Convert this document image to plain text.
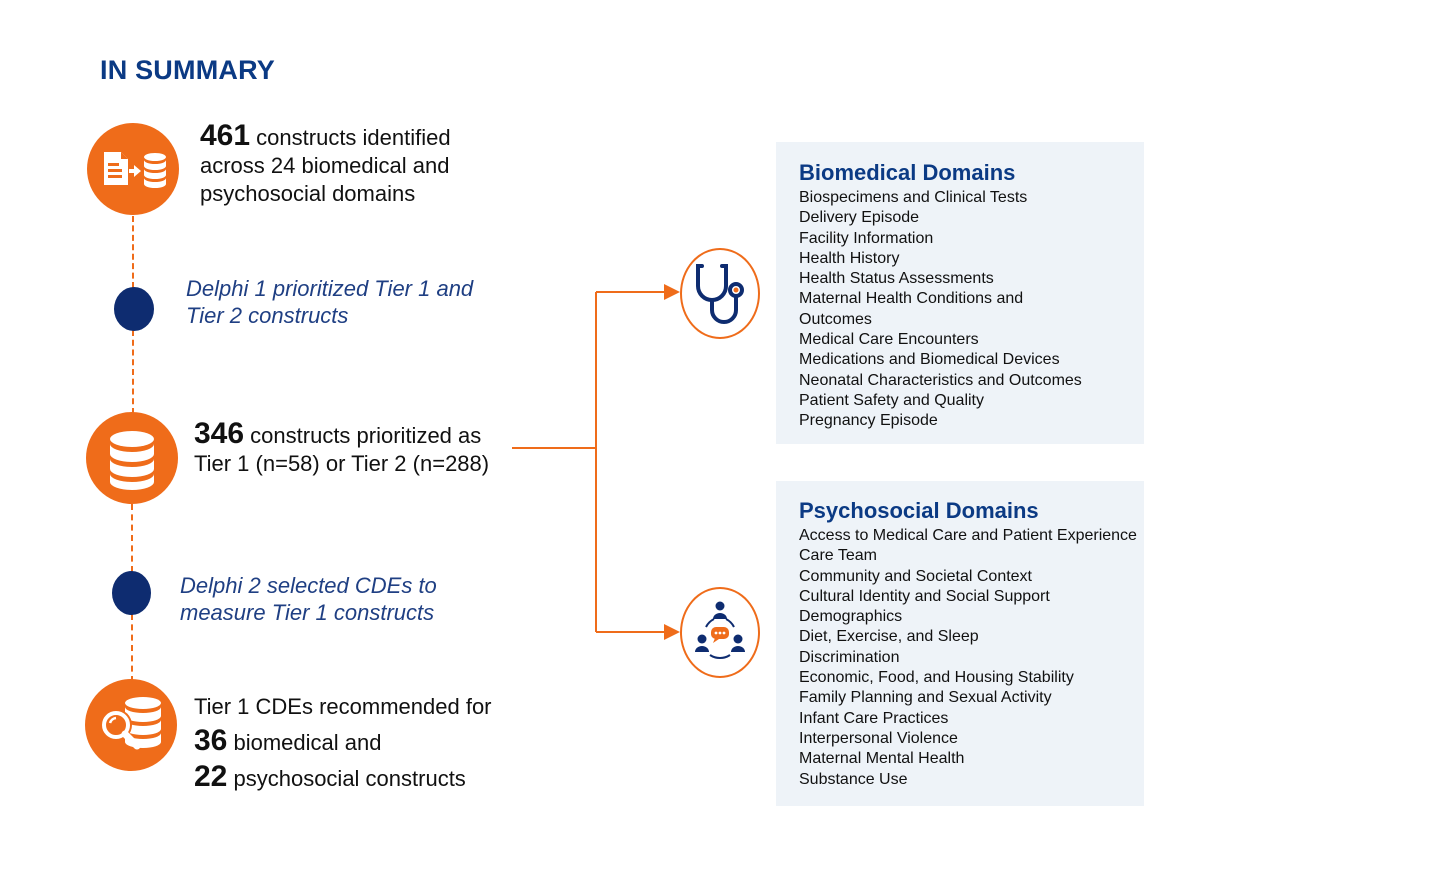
IN SUMMARY
461 constructs identified
across 24 biomedical and
psychosocial domains
Delphi 1 prioritized Tier 1 and
Tier 2 constructs
346 constructs prioritized as
Tier 1 (n=58) or Tier 2 (n=288)
Delphi 2 selected CDEs to
measure Tier 1 constructs
Tier 1 CDEs recommended for
36 biomedical and
22 psychosocial constructs
Biomedical Domains
Biospecimens and Clinical Tests
Delivery Episode
Facility Information
Health History
Health Status Assessments
Maternal Health Conditions and
Outcomes
Medical Care Encounters
Medications and Biomedical Devices
Neonatal Characteristics and Outcomes
Patient Safety and Quality
Pregnancy Episode
Psychosocial Domains
Access to Medical Care and Patient Experience
Care Team
Community and Societal Context
Cultural Identity and Social Support
Demographics
Diet, Exercise, and Sleep
Discrimination
Economic, Food, and Housing Stability
Family Planning and Sexual Activity
Infant Care Practices
Interpersonal Violence
Maternal Mental Health
Substance Use
